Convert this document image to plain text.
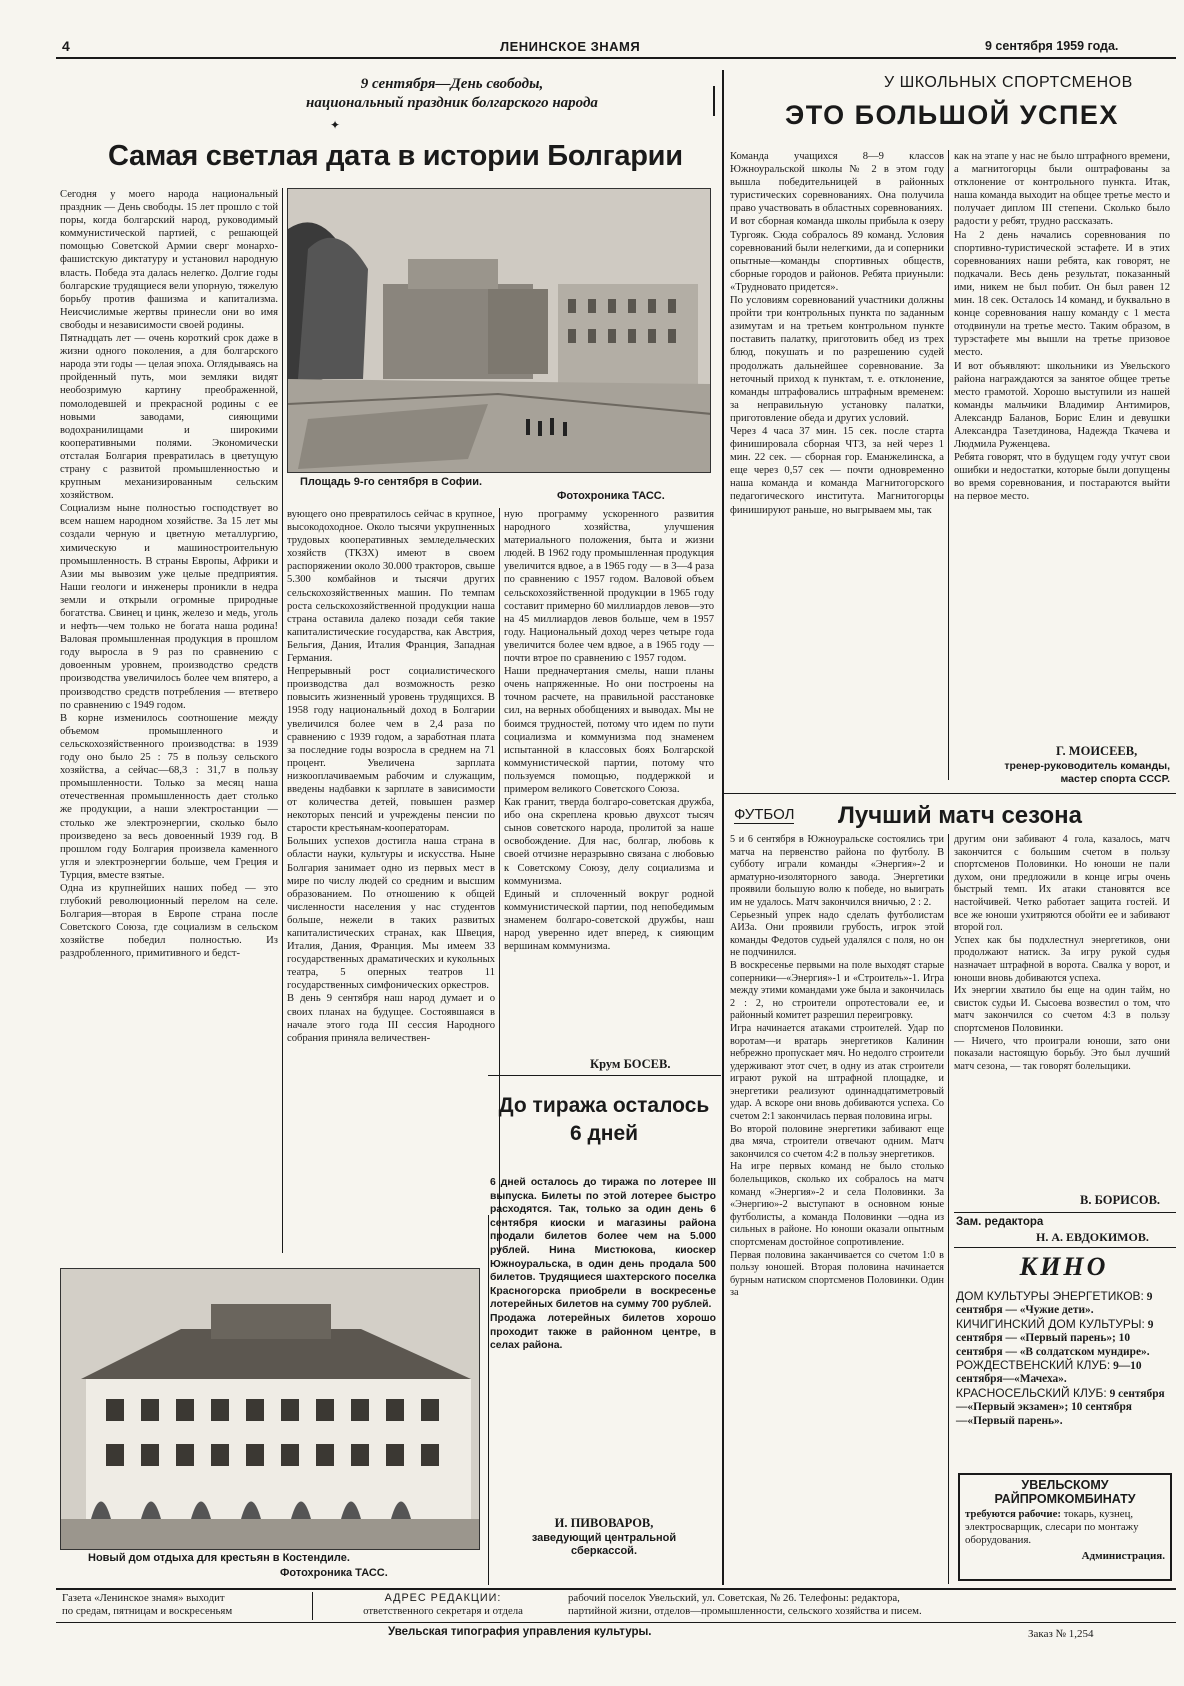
4	ЛЕНИНСКОЕ ЗНАМЯ	9 сентября 1959 года.
9 сентября—День свободы,
национальный праздник болгарского народа
✦
Самая светлая дата в истории Болгарии
Сегодня у моего народа национальный праздник — День свободы. 15 лет прошло с той поры, когда болгарский народ, руководимый коммунистической партией, с решающей помощью Советской Армии сверг монархо-фашистскую диктатуру и установил народную власть. Победа эта далась нелегко. Долгие годы болгарские трудящиеся вели упорную, тяжелую борьбу против фашизма и капитализма. Неисчислимые жертвы принесли они во имя свободы и независимости своей родины.
Пятнадцать лет — очень короткий срок даже в жизни одного поколения, а для болгарского народа эти годы — целая эпоха. Оглядываясь на пройденный путь, мои земляки видят необозримую картину преображенной, помолодевшей и прекрасной родины с ее новыми заводами, сияющими водохранилищами и широкими кооперативными полями. Экономически отсталая Болгария превратилась в цветущую страну с развитой промышленностью и крупным механизированным сельским хозяйством.
Социализм ныне полностью господствует во всем нашем народном хозяйстве. За 15 лет мы создали черную и цветную металлургию, химическую и машиностроительную промышленность. В страны Европы, Африки и Азии мы вывозим уже целые предприятия. Наши геологи и инженеры проникли в недра земли и открыли огромные природные богатства. Свинец и цинк, железо и медь, уголь и нефть—чем только не богата наша родина! Валовая промышленная продукция в прошлом году выросла в 9 раз по сравнению с довоенным уровнем, производство средств производства увеличилось более чем впятеро, а производство средств потребления — втетверо по сравнению с 1949 годом.
В корне изменилось соотношение между объемом промышленного и сельскохозяйственного производства: в 1939 году оно было 25 : 75 в пользу сельского хозяйства, а сейчас—68,3 : 31,7 в пользу промышленности. Только за месяц наша отечественная промышленность дает столько же продукции, а наши электростанции — столько же электроэнергии, сколько было произведено за весь довоенный 1939 год. В прошлом году Болгария произвела каменного угля и электроэнергии больше, чем Греция и Турция, вместе взятые.
Одна из крупнейших наших побед — это глубокий революционный перелом на селе. Болгария—вторая в Европе страна после Советского Союза, где социализм в сельском хозяйстве победил полностью. Из раздробленного, примитивного и бедст-
Площадь 9-го сентября в Софии.
Фотохроника ТАСС.
вующего оно превратилось сейчас в крупное, высокодоходное. Около тысячи укрупненных трудовых кооперативных земледельческих хозяйств (ТКЗХ) имеют в своем распоряжении около 30.000 тракторов, свыше 5.300 комбайнов и тысячи других сельскохозяйственных машин. По темпам роста сельскохозяйственной продукции наша страна оставила далеко позади себя такие капиталистические государства, как Австрия, Бельгия, Дания, Италия Франция, Западная Германия.
Непрерывный рост социалистического производства дал возможность резко повысить жизненный уровень трудящихся. В 1958 году национальный доход в Болгарии увеличился более чем в 2,4 раза по сравнению с 1939 годом, а заработная плата за последние годы возросла в среднем на 71 процент. Увеличена зарплата низкооплачиваемым рабочим и служащим, введены надбавки к зарплате в зависимости от количества детей, повышен размер некоторых пенсий и учреждены пенсии по старости крестьянам-кооператорам.
Больших успехов достигла наша страна в области науки, культуры и искусства. Ныне Болгария занимает одно из первых мест в мире по числу людей со средним и высшим образованием. По отношению к общей численности населения у нас студентов больше, нежели в таких развитых капиталистических странах, как Швеция, Италия, Дания, Франция. Мы имеем 33 государственных драматических и кукольных театра, 5 оперных театров 11 государственных симфонических оркестров.
В день 9 сентября наш народ думает и о своих планах на будущее. Состоявшаяся в начале этого года III сессия Народного собрания приняла величествен-
ную программу ускоренного развития народного хозяйства, улучшения материального положения, быта и жизни людей. В 1962 году промышленная продукция увеличится вдвое, а в 1965 году — в 3—4 раза по сравнению с 1957 годом. Валовой объем сельскохозяйственной продукции в 1965 году составит примерно 60 миллиардов левов—это на 45 миллиардов левов больше, чем в 1957 году. Национальный доход через четыре года увеличится более чем вдвое, а в 1965 году — почти втрое по сравнению с 1957 годом.
Наши предначертания смелы, наши планы очень напряженные. Но они построены на точном расчете, на правильной расстановке сил, на верных обобщениях и выводах. Мы не боимся трудностей, потому что идем по пути социализма и коммунизма под знаменем испытанной в классовых боях Болгарской коммунистической партии, потому что пользуемся помощью, поддержкой и примером великого Советского Союза.
Как гранит, тверда болгаро-советская дружба, ибо она скреплена кровью двухсот тысяч сынов советского народа, пролитой за наше освобождение. Для нас, болгар, любовь к своей отчизне неразрывно связана с любовью к Советскому Союзу, делу социализма и коммунизма.
Единый и сплоченный вокруг родной коммунистической партии, под непобедимым знаменем болгаро-советской дружбы, наш народ уверенно идет вперед, к сияющим вершинам коммунизма.
Крум БОСЕВ.
До тиража осталось
6 дней
6 дней осталось до тиража по лотерее III выпуска. Билеты по этой лотерее быстро расходятся. Так, только за один день 6 сентября киоски и магазины района продали билетов более чем на 5.000 рублей. Нина Мистюкова, киоскер Южноуральска, в один день продала 500 билетов. Трудящиеся шахтерского поселка Красногорска приобрели в воскресенье лотерейных билетов на сумму 700 рублей.
Продажа лотерейных билетов хорошо проходит также в районном центре, в селах района.
И. ПИВОВАРОВ,
заведующий центральной
сберкассой.
Новый дом отдыха для крестьян в Костендиле.
Фотохроника ТАСС.
У ШКОЛЬНЫХ СПОРТСМЕНОВ
ЭТО БОЛЬШОЙ УСПЕХ
Команда учащихся 8—9 классов Южноуральской школы № 2 в этом году вышла победительницей в районных туристических соревнованиях. Она получила право участвовать в областных соревнованиях.
И вот сборная команда школы прибыла к озеру Тургояк. Сюда собралось 89 команд. Условия соревнований были нелегкими, да и соперники опытные—команды спортивных обществ, сборные городов и районов. Ребята приуныли: «Трудновато придется».
По условиям соревнований участники должны пройти три контрольных пункта по заданным азимутам и на третьем контрольном пункте поставить палатку, приготовить обед из трех блюд, покушать и по разрешению судей продолжать дальнейшее соревнование. За неточный приход к пунктам, т. е. отклонение, команды штрафовались штрафным временем: за неправильную установку палатки, приготовление обеда и других условий.
Через 4 часа 37 мин. 15 сек. после старта финишировала сборная ЧТЗ, за ней через 1 мин. 22 сек. — сборная гор. Еманжелинска, а еще через 0,57 сек — почти одновременно наша команда и команда Магнитогорского педагогического института. Магнитогорцы финишируют раньше, но выгрываем мы, так
как на этапе у нас не было штрафного времени, а магнитогорцы были оштрафованы за отклонение от контрольного пункта. Итак, наша команда выходит на общее третье место и получает диплом III степени. Сколько было радости у ребят, трудно рассказать.
На 2 день начались соревнования по спортивно-туристической эстафете. И в этих соревнованиях наши ребята, как говорят, не подкачали. Весь день результат, показанный ими, никем не был побит. Он был равен 12 мин. 18 сек. Осталось 14 команд, и буквально в конце соревнования нашу команду с 1 места отодвинули на третье место. Таким образом, в турэстафете мы вышли на третье призовое место.
И вот объявляют: школьники из Увельского района награждаются за занятое общее третье место грамотой. Хорошо выступили из нашей команды мальчики Владимир Антимиров, Александр Баланов, Борис Елин и девушки Александра Тазетдинова, Надежда Ткачева и Людмила Руженцева.
Ребята говорят, что в будущем году учтут свои ошибки и недостатки, которые были допущены во время соревнования, и постараются выйти на первое место.
Г. МОИСЕЕВ,
тренер-руководитель команды,
мастер спорта СССР.
ФУТБОЛ Лучший матч сезона
5 и 6 сентября в Южноуральске состоялись три матча на первенство района по футболу. В субботу играли команды «Энергия»-2 и арматурно-изоляторного завода. Энергетики проявили большую волю к победе, но выиграть им не удалось. Матч закончился вничью, 2 : 2.
Серьезный упрек надо сделать футболистам АИЗа. Они проявили грубость, игрок этой команды Федотов судьей удалялся с поля, но он не подчинился.
В воскресенье первыми на поле выходят старые соперники—«Энергия»-1 и «Строитель»-1. Игра между этими командами уже была и закончилась 2 : 2, но строители опротестовали ее, и районный комитет разрешил переигровку.
Игра начинается атаками строителей. Удар по воротам—и вратарь энергетиков Калинин небрежно пропускает мяч. Но недолго строители удерживают этот счет, в одну из атак строители играют рукой на штрафной площадке, и энергетики реализуют одиннадцатиметровый удар. А вскоре они вновь добиваются успеха. Со счетом 2:1 закончилась первая половина игры.
Во второй половине энергетики забивают еще два мяча, строители отвечают одним. Матч закончился со счетом 4:2 в пользу энергетиков.
На игре первых команд не было столько болельщиков, сколько их собралось на матч команд «Энергия»-2 и села Половинки. За «Энергию»-2 выступают в основном юные футболисты, а команда Половинки —одна из сильных в районе. Но юноши оказали опытным спортсменам достойное сопротивление.
Первая половина заканчивается со счетом 1:0 в пользу юношей. Вторая половина начинается бурным натиском спортсменов Половинки. Один за
другим они забивают 4 гола, казалось, матч закончится с большим счетом в пользу спортсменов Половинки. Но юноши не пали духом, они предложили в конце игры очень быстрый темп. Их атаки становятся все настойчивей. Четко работает защита гостей. И все же юноши ухитряются обойти ее и забивают второй гол.
Успех как бы подхлестнул энергетиков, они продолжают натиск. За игру рукой судья назначает штрафной в ворота. Свалка у ворот, и юноши вновь добиваются успеха.
Их энергии хватило бы еще на один тайм, но свисток судьи И. Сысоева возвестил о том, что матч закончился со счетом 4:3 в пользу спортсменов Половинки.
— Ничего, что проиграли юноши, зато они показали настоящую борьбу. Это был лучший матч сезона, — так говорят болельщики.
В. БОРИСОВ.
Зам. редактора
Н. А. ЕВДОКИМОВ.
КИНО
ДОМ КУЛЬТУРЫ ЭНЕРГЕТИКОВ: 9 сентября — «Чужие дети».
КИЧИГИНСКИЙ ДОМ КУЛЬТУРЫ: 9 сентября — «Первый парень»; 10 сентября — «В солдатском мундире».
РОЖДЕСТВЕНСКИЙ КЛУБ: 9—10 сентября—«Мачеха».
КРАСНОСЕЛЬСКИЙ КЛУБ: 9 сентября—«Первый экзамен»; 10 сентября—«Первый парень».
УВЕЛЬСКОМУ
РАЙПРОМКОМБИНАТУ
требуются рабочие: токарь, кузнец, электросварщик, слесари по монтажу оборудования.
Администрация.
Газета «Ленинское знамя» выходит
по средам, пятницам и воскресеньям
АДРЕС РЕДАКЦИИ:	рабочий поселок Увельский, ул. Советская, № 26. Телефоны: редактора,
ответственного секретаря и отдела	партийной жизни, отделов—промышленности, сельского хозяйства и писем.
Увельская типография управления культуры.	Заказ № 1,254
